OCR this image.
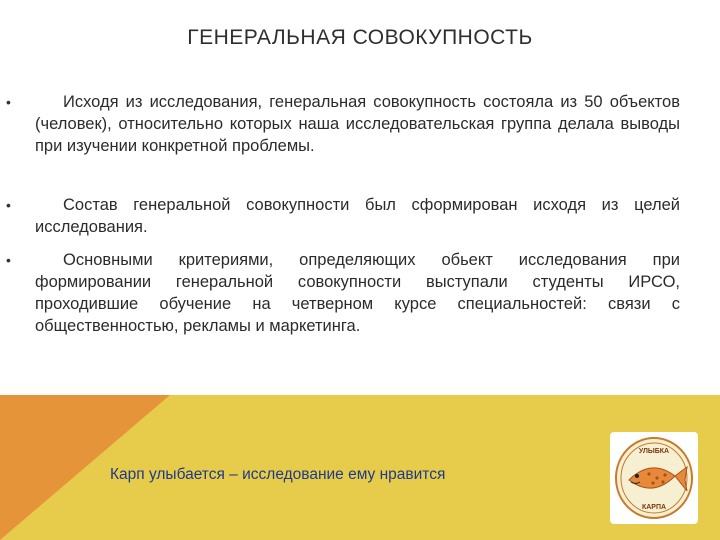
ГЕНЕРАЛЬНАЯ СОВОКУПНОСТЬ
•	Исходя из исследования, генеральная совокупность состояла из 50 объектов (человек), относительно которых наша исследовательская группа делала выводы при изучении конкретной проблемы.
•	Состав генеральной совокупности был сформирован исходя из целей исследования.
•	Основными критериями, определяющих обьект исследования при формировании генеральной совокупности выступали студенты ИРСО, проходившие обучение на четверном курсе специальностей: связи с общественностью, рекламы и маркетинга.
Карп улыбается – исследование ему нравится
УЛЫБКА
КАРПА
